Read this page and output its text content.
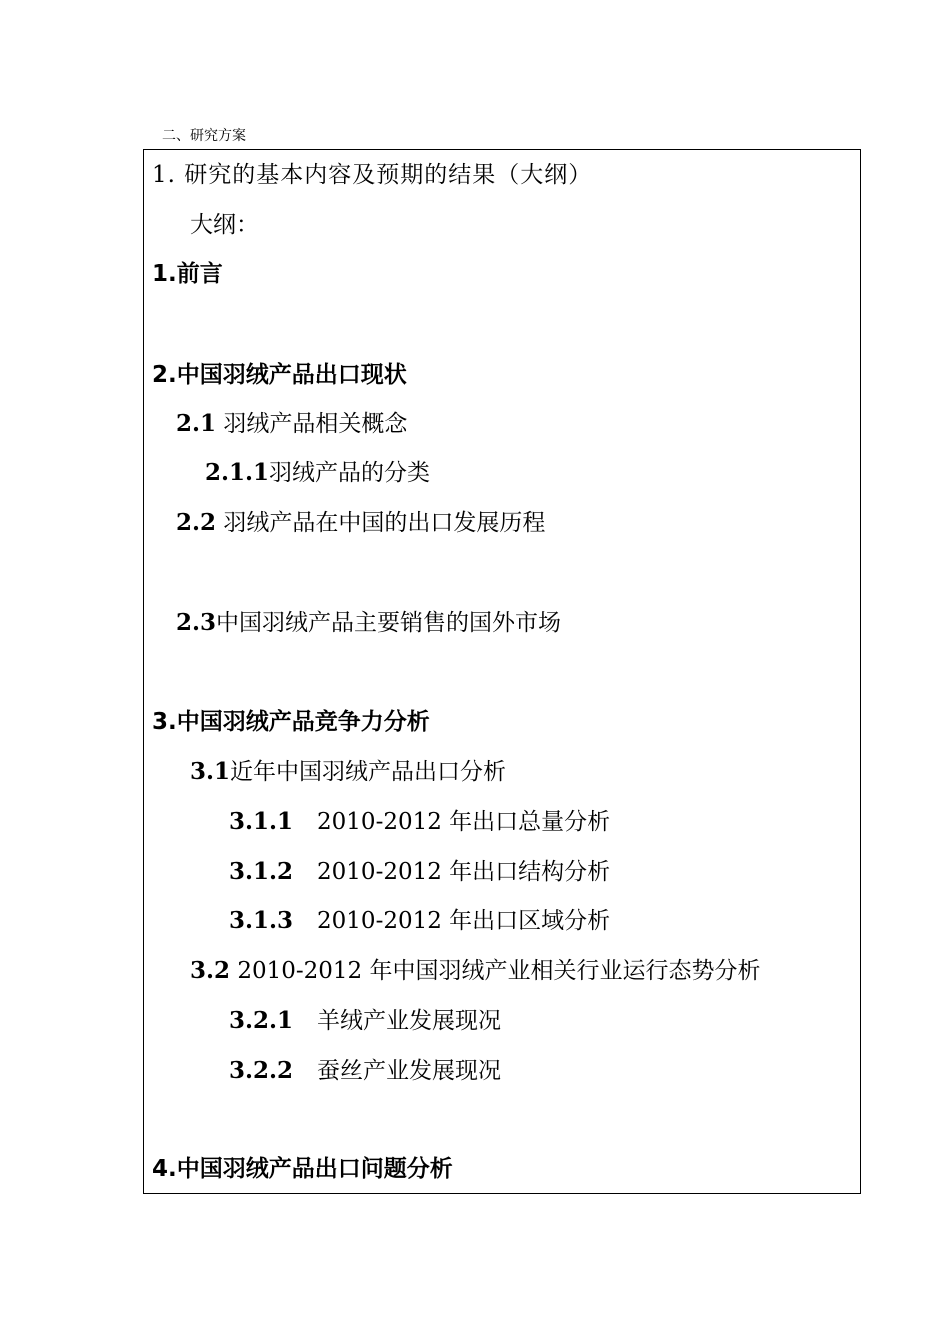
二、研究方案
1. 研究的基本内容及预期的结果（大纲）
大纲：
1.前言
2.中国羽绒产品出口现状
2.1 羽绒产品相关概念
2.1.1羽绒产品的分类
2.2 羽绒产品在中国的出口发展历程
2.3中国羽绒产品主要销售的国外市场
3.中国羽绒产品竞争力分析
3.1近年中国羽绒产品出口分析
3.1.1 2010-2012 年出口总量分析
3.1.2 2010-2012 年出口结构分析
3.1.3 2010-2012 年出口区域分析
3.2 2010-2012 年中国羽绒产业相关行业运行态势分析
3.2.1 羊绒产业发展现况
3.2.2 蚕丝产业发展现况
4.中国羽绒产品出口问题分析
